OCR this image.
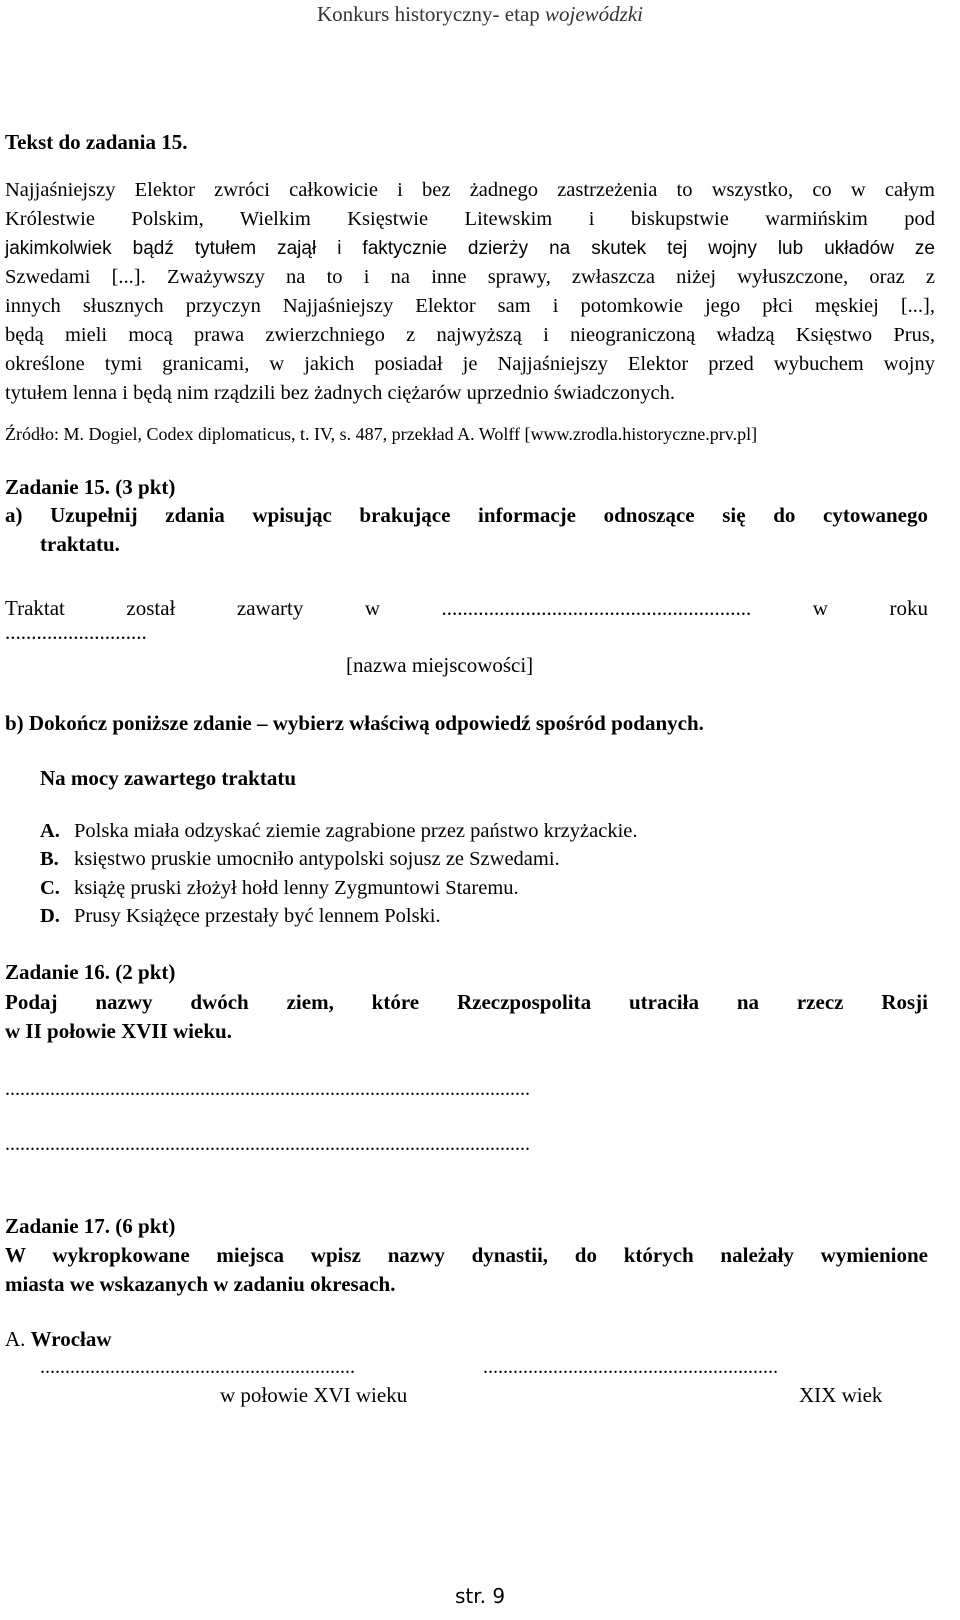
Konkurs historyczny- etap wojewódzki
Tekst do zadania 15.
Najjaśniejszy Elektor zwróci całkowicie i bez żadnego zastrzeżenia to wszystko, co w całym
Królestwie Polskim, Wielkim Księstwie Litewskim i biskupstwie warmińskim pod
jakimkolwiek bądź tytułem zajął i faktycznie dzierży na skutek tej wojny lub układów ze
Szwedami [...]. Zważywszy na to i na inne sprawy, zwłaszcza niżej wyłuszczone, oraz z
innych słusznych przyczyn Najjaśniejszy Elektor sam i potomkowie jego płci męskiej [...],
będą mieli mocą prawa zwierzchniego z najwyższą i nieograniczoną władzą Księstwo Prus,
określone tymi granicami, w jakich posiadał je Najjaśniejszy Elektor przed wybuchem wojny
tytułem lenna i będą nim rządzili bez żadnych ciężarów uprzednio świadczonych.
Źródło: M. Dogiel, Codex diplomaticus, t. IV, s. 487, przekład A. Wolff [www.zrodla.historyczne.prv.pl]
Zadanie 15. (3 pkt)
a) Uzupełnij zdania wpisując brakujące informacje odnoszące się do cytowanego
traktatu.
Traktat	został	zawarty	w	...........................................................	w	roku
...........................
[nazwa miejscowości]
b) Dokończ poniższe zdanie – wybierz właściwą odpowiedź spośród podanych.
Na mocy zawartego traktatu
A. Polska miała odzyskać ziemie zagrabione przez państwo krzyżackie.
B. księstwo pruskie umocniło antypolski sojusz ze Szwedami.
C. książę pruski złożył hołd lenny Zygmuntowi Staremu.
D. Prusy Książęce przestały być lennem Polski.
Zadanie 16. (2 pkt)
Podaj nazwy dwóch ziem, które Rzeczpospolita utraciła na rzecz Rosji
w II połowie XVII wieku.
.........................................................................................................
.........................................................................................................
Zadanie 17. (6 pkt)
W wykropkowane miejsca wpisz nazwy dynastii, do których należały wymienione
miasta we wskazanych w zadaniu okresach.
A. Wrocław
...............................................................	...........................................................
w połowie XVI wieku	XIX wiek
str. 9
